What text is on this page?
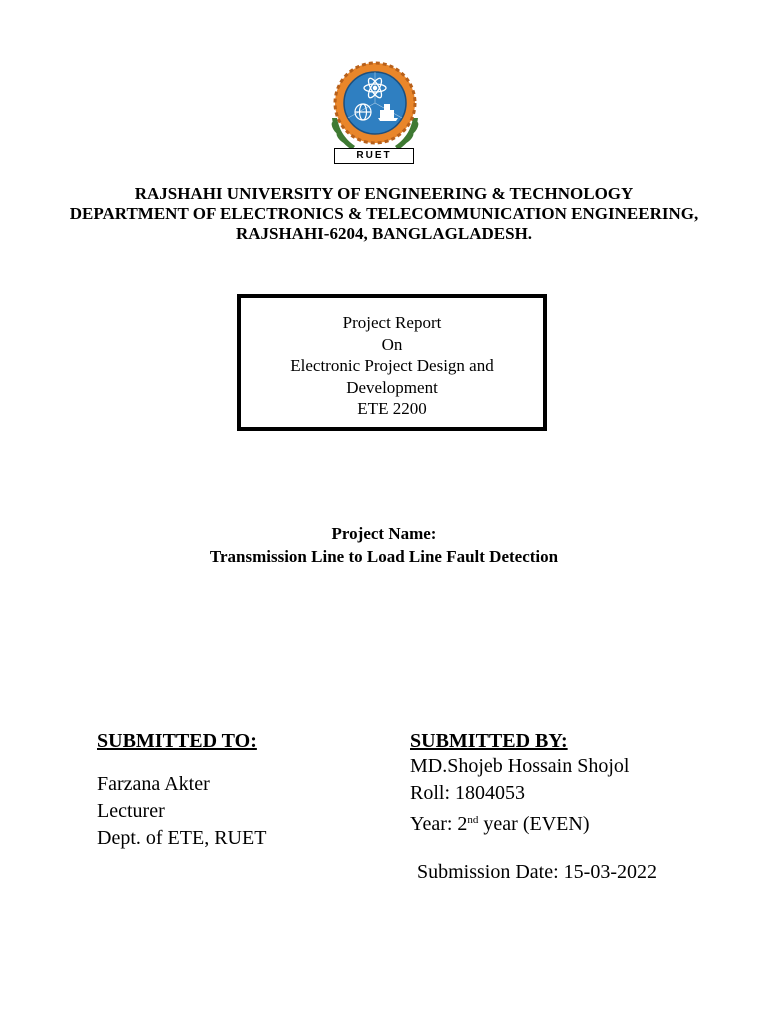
RUET
RAJSHAHI UNIVERSITY OF ENGINEERING & TECHNOLOGY
DEPARTMENT OF ELECTRONICS & TELECOMMUNICATION ENGINEERING,
RAJSHAHI-6204, BANGLAGLADESH.
Project Report
On
Electronic Project Design and
Development
ETE 2200
Project Name:
Transmission Line to Load Line Fault Detection
SUBMITTED TO:
Farzana Akter
Lecturer
Dept. of ETE, RUET
SUBMITTED BY:
MD.Shojeb Hossain Shojol
Roll: 1804053
Year: 2nd year (EVEN)
Submission Date: 15-03-2022
